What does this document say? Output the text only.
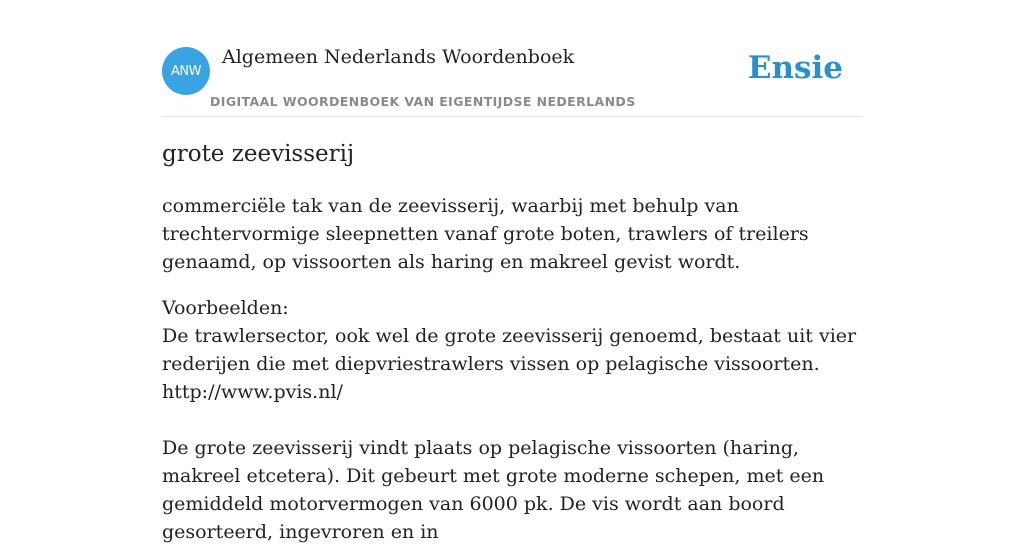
ANW
Algemeen Nederlands Woordenboek
DIGITAAL WOORDENBOEK VAN EIGENTIJDSE NEDERLANDS
Ensie
grote zeevisserij

commerciële tak van de zeevisserij, waarbij met behulp van trechtervormige sleepnetten vanaf grote boten, trawlers of treilers genaamd, op vissoorten als haring en makreel gevist wordt.

Voorbeelden:
De trawlersector, ook wel de grote zeevisserij genoemd, bestaat uit vier rederijen die met diepvriestrawlers vissen op pelagische vissoorten.
http://www.pvis.nl/
De grote zeevisserij vindt plaats op pelagische vissoorten (haring, makreel etcetera). Dit gebeurt met grote moderne schepen, met een gemiddeld motorvermogen van 6000 pk. De vis wordt aan boord gesorteerd, ingevroren en in
